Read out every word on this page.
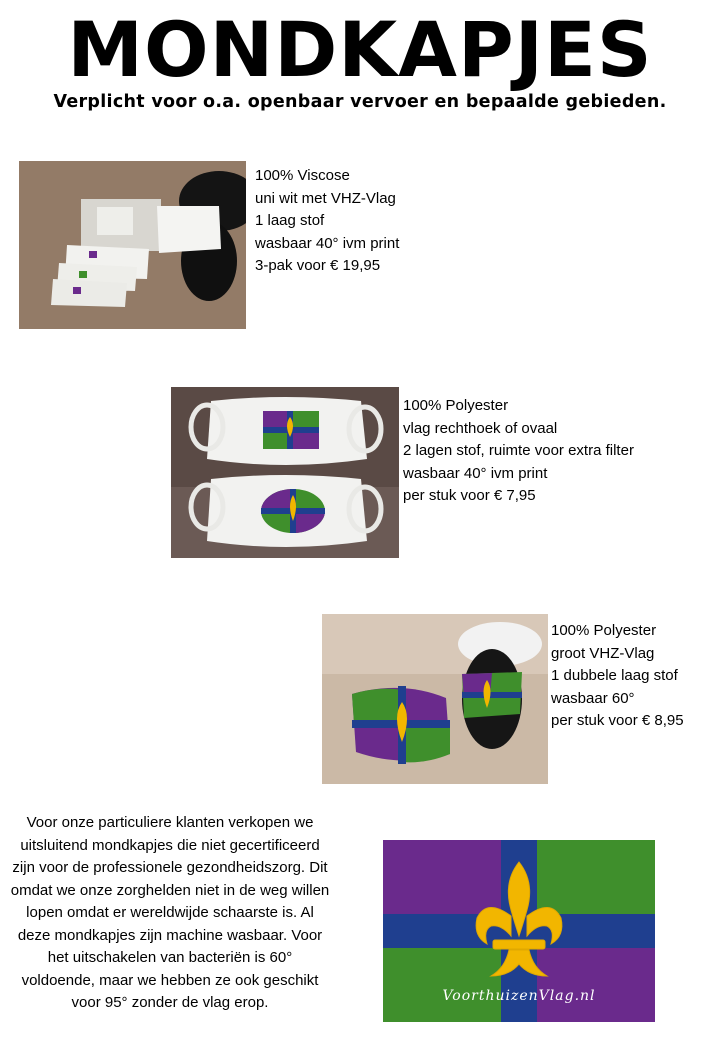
MONDKAPJES
Verplicht voor o.a. openbaar vervoer en bepaalde gebieden.
100% Viscose
uni wit met VHZ-Vlag
1 laag stof
wasbaar 40° ivm print
3-pak voor € 19,95
100% Polyester
vlag rechthoek of ovaal
2 lagen stof, ruimte voor extra filter
wasbaar 40° ivm print
per stuk voor € 7,95
100% Polyester
groot VHZ-Vlag
1 dubbele laag stof
wasbaar 60°
per stuk voor € 8,95
Voor onze particuliere klanten verkopen we uitsluitend mondkapjes die niet gecertificeerd zijn voor de professionele gezondheidszorg. Dit omdat we onze zorghelden niet in de weg willen lopen omdat er wereldwijde schaarste is. Al deze mondkapjes zijn machine wasbaar. Voor het uitschakelen van bacteriën is 60° voldoende, maar we hebben ze ook geschikt voor 95° zonder de vlag erop.	VoorthuizenVlag.nl
